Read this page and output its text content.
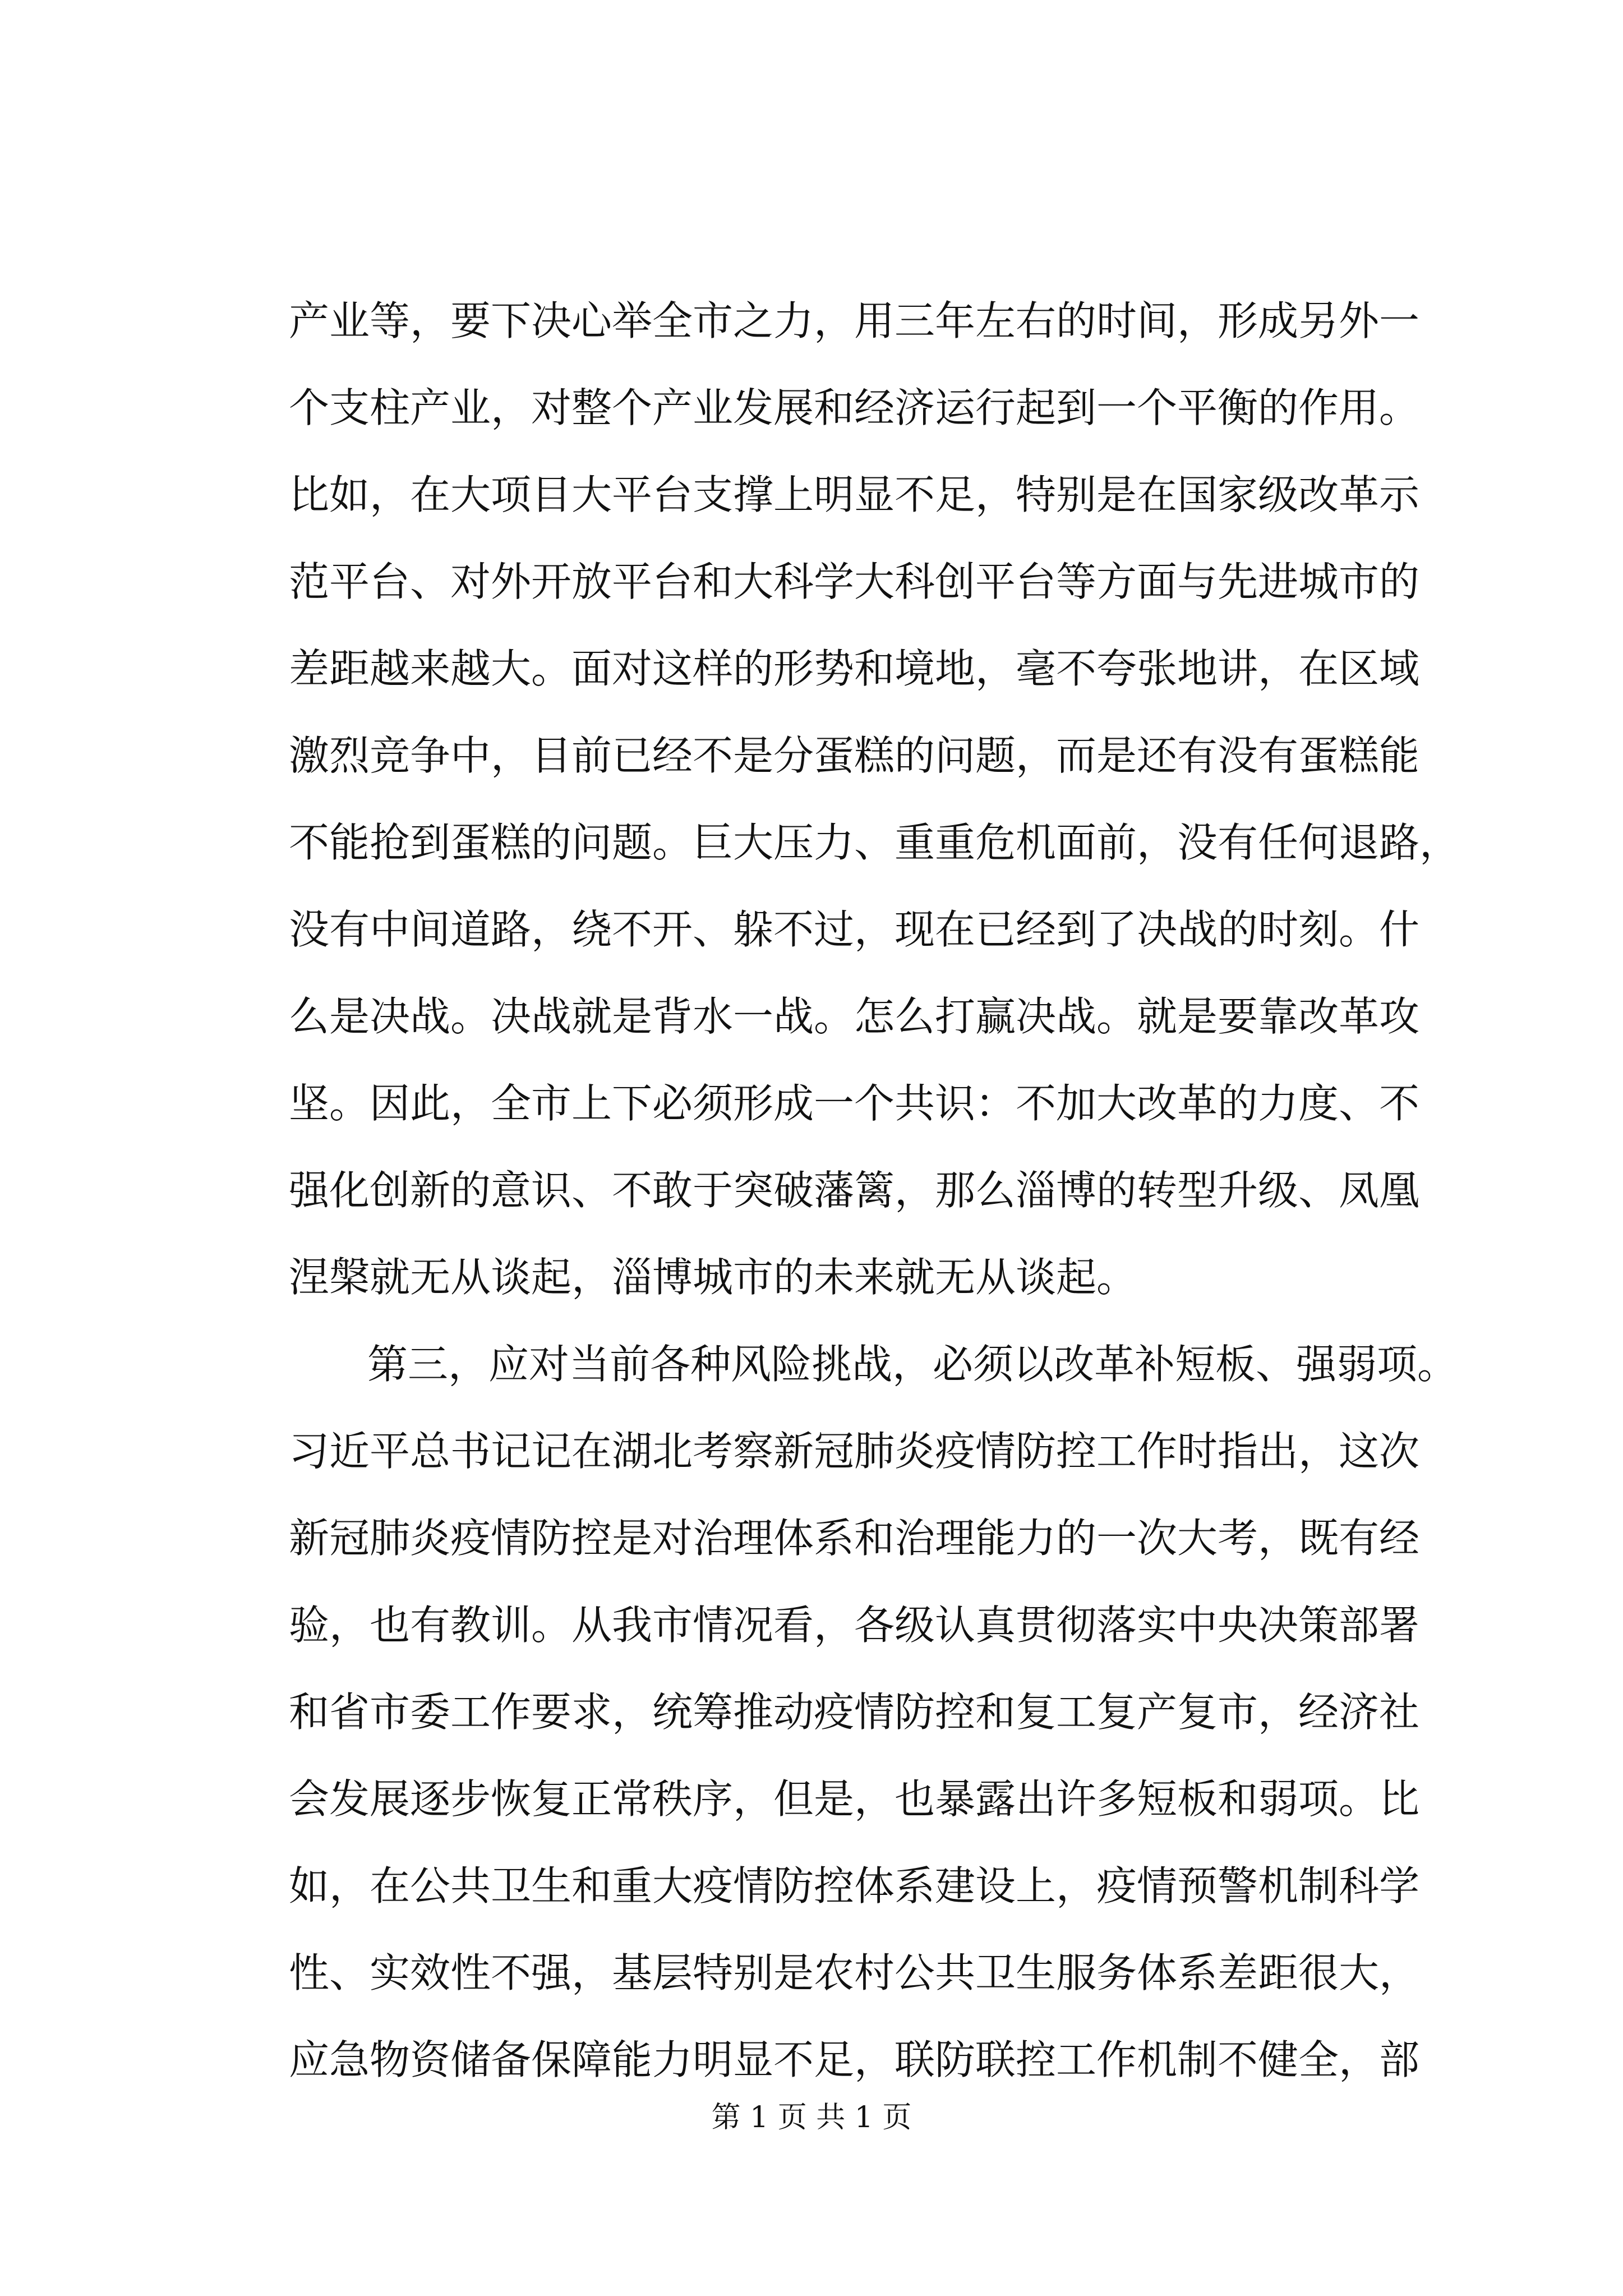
产业等，要下决心举全市之力，用三年左右的时间，形成另外一
个支柱产业，对整个产业发展和经济运行起到一个平衡的作用。
比如，在大项目大平台支撑上明显不足，特别是在国家级改革示
范平台、对外开放平台和大科学大科创平台等方面与先进城市的
差距越来越大。面对这样的形势和境地，毫不夸张地讲，在区域
激烈竞争中，目前已经不是分蛋糕的问题，而是还有没有蛋糕能
不能抢到蛋糕的问题。巨大压力、重重危机面前，没有任何退路，
没有中间道路，绕不开、躲不过，现在已经到了决战的时刻。什
么是决战。决战就是背水一战。怎么打赢决战。就是要靠改革攻
坚。因此，全市上下必须形成一个共识：不加大改革的力度、不
强化创新的意识、不敢于突破藩篱，那么淄博的转型升级、凤凰
涅槃就无从谈起，淄博城市的未来就无从谈起。
第三，应对当前各种风险挑战，必须以改革补短板、强弱项。
习近平总书记记在湖北考察新冠肺炎疫情防控工作时指出，这次
新冠肺炎疫情防控是对治理体系和治理能力的一次大考，既有经
验，也有教训。从我市情况看，各级认真贯彻落实中央决策部署
和省市委工作要求，统筹推动疫情防控和复工复产复市，经济社
会发展逐步恢复正常秩序，但是，也暴露出许多短板和弱项。比
如，在公共卫生和重大疫情防控体系建设上，疫情预警机制科学
性、实效性不强，基层特别是农村公共卫生服务体系差距很大，
应急物资储备保障能力明显不足，联防联控工作机制不健全，部
第 1 页 共 1 页
